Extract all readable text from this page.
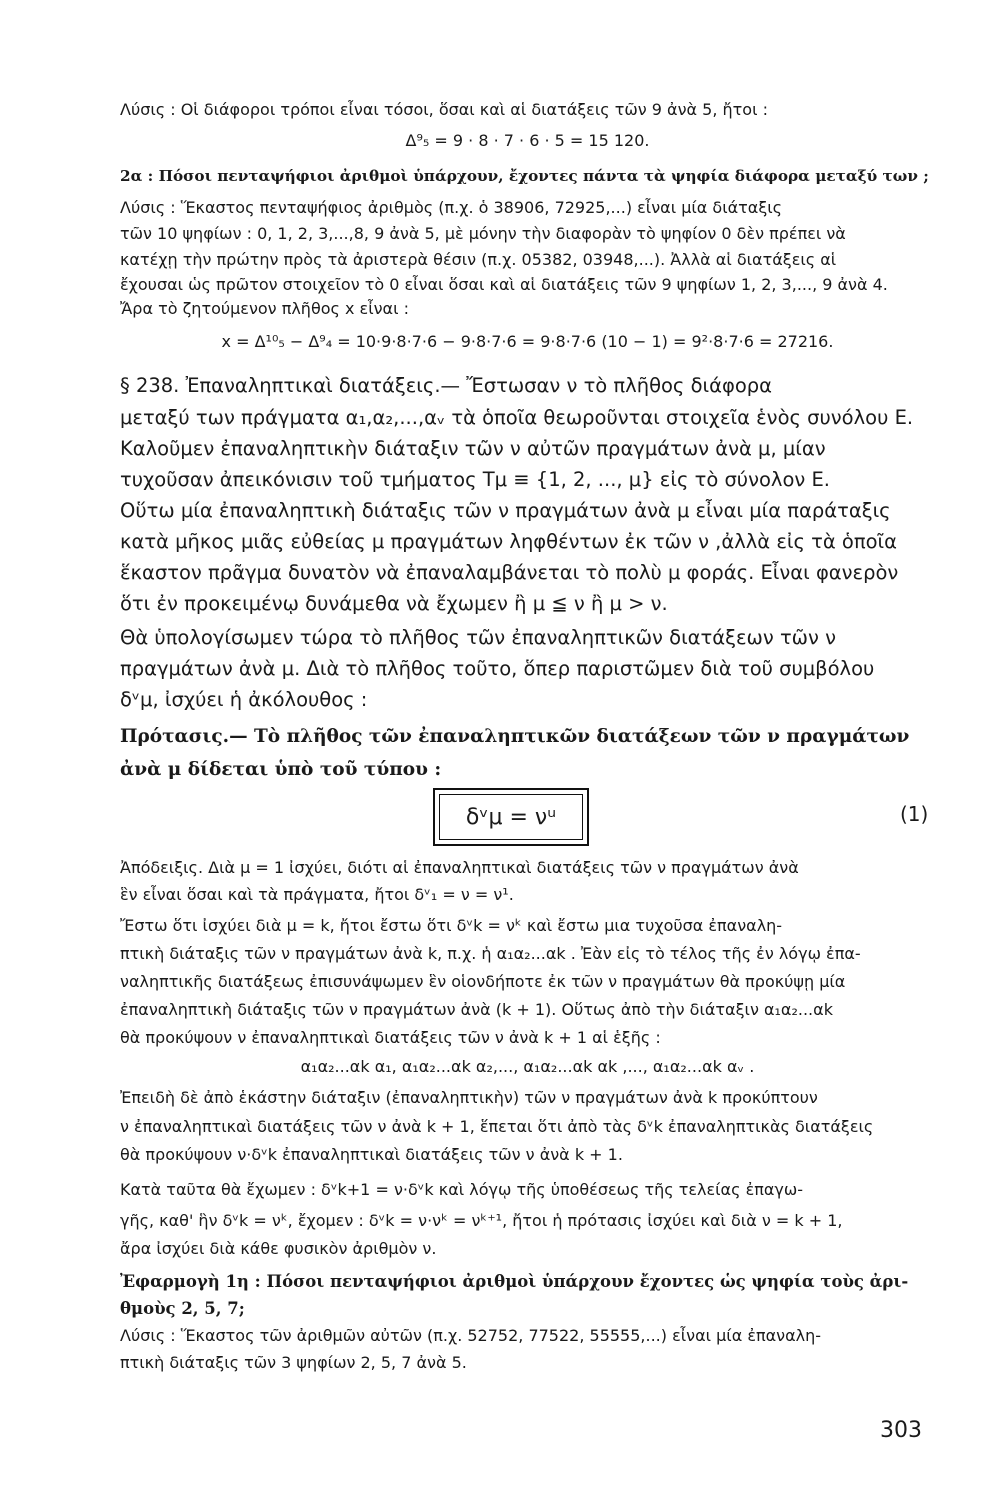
Λύσις : Οἱ διάφοροι τρόποι εἶναι τόσοι, ὅσαι καὶ αἱ διατάξεις τῶν 9 ἀνὰ 5, ἤτοι :
Δ⁹₅ = 9 · 8 · 7 · 6 · 5 = 15 120.
2α : Πόσοι πενταψήφιοι ἀριθμοὶ ὑπάρχουν, ἔχοντες πάντα τὰ ψηφία διάφορα μεταξύ των ;
Λύσις : Ἕκαστος πενταψήφιος ἀριθμὸς (π.χ. ὁ 38906, 72925,...) εἶναι μία διάταξις
τῶν 10 ψηφίων : 0, 1, 2, 3,...,8, 9 ἀνὰ 5, μὲ μόνην τὴν διαφορὰν τὸ ψηφίον 0 δὲν πρέπει νὰ
κατέχῃ τὴν πρώτην πρὸς τὰ ἀριστερὰ θέσιν (π.χ. 05382, 03948,...). Ἀλλὰ αἱ διατάξεις αἱ
ἔχουσαι ὡς πρῶτον στοιχεῖον τὸ 0 εἶναι ὅσαι καὶ αἱ διατάξεις τῶν 9 ψηφίων 1, 2, 3,..., 9 ἀνὰ 4.
Ἄρα τὸ ζητούμενον πλῆθος x εἶναι :
x = Δ¹⁰₅ − Δ⁹₄ = 10·9·8·7·6 − 9·8·7·6 = 9·8·7·6 (10 − 1) = 9²·8·7·6 = 27216.
§ 238. Ἐπαναληπτικαὶ διατάξεις.— Ἔστωσαν ν τὸ πλῆθος διάφορα
μεταξύ των πράγματα α₁,α₂,...,αᵥ τὰ ὁποῖα θεωροῦνται στοιχεῖα ἑνὸς συνόλου Ε.
Καλοῦμεν ἐπαναληπτικὴν διάταξιν τῶν ν αὐτῶν πραγμάτων ἀνὰ μ, μίαν
τυχοῦσαν ἀπεικόνισιν τοῦ τμήματος Tμ ≡ {1, 2, ..., μ} εἰς τὸ σύνολον Ε.
Οὕτω μία ἐπαναληπτικὴ διάταξις τῶν ν πραγμάτων ἀνὰ μ εἶναι μία παράταξις
κατὰ μῆκος μιᾶς εὐθείας μ πραγμάτων ληφθέντων ἐκ τῶν ν ,ἀλλὰ εἰς τὰ ὁποῖα
ἕκαστον πρᾶγμα δυνατὸν νὰ ἐπαναλαμβάνεται τὸ πολὺ μ φοράς. Εἶναι φανερὸν
ὅτι ἐν προκειμένῳ δυνάμεθα νὰ ἔχωμεν ἢ μ ≦ ν ἢ μ > ν.
Θὰ ὑπολογίσωμεν τώρα τὸ πλῆθος τῶν ἐπαναληπτικῶν διατάξεων τῶν ν
πραγμάτων ἀνὰ μ. Διὰ τὸ πλῆθος τοῦτο, ὅπερ παριστῶμεν διὰ τοῦ συμβόλου
δᵛμ, ἰσχύει ἡ ἀκόλουθος :
Πρότασις.— Τὸ πλῆθος τῶν ἐπαναληπτικῶν διατάξεων τῶν ν πραγμάτων
ἀνὰ μ δίδεται ὑπὸ τοῦ τύπου :
δᵛμ = νᵘ	(1)
Ἀπόδειξις. Διὰ μ = 1 ἰσχύει, διότι αἱ ἐπαναληπτικαὶ διατάξεις τῶν ν πραγμάτων ἀνὰ
ἓν εἶναι ὅσαι καὶ τὰ πράγματα, ἤτοι δᵛ₁ = ν = ν¹.
Ἔστω ὅτι ἰσχύει διὰ μ = k, ἤτοι ἔστω ὅτι δᵛk = νᵏ καὶ ἔστω μια τυχοῦσα ἐπαναλη-
πτικὴ διάταξις τῶν ν πραγμάτων ἀνὰ k, π.χ. ἡ α₁α₂...αk . Ἐὰν εἰς τὸ τέλος τῆς ἐν λόγῳ ἐπα-
ναληπτικῆς διατάξεως ἐπισυνάψωμεν ἓν οἱονδήποτε ἐκ τῶν ν πραγμάτων θὰ προκύψῃ μία
ἐπαναληπτικὴ διάταξις τῶν ν πραγμάτων ἀνὰ (k + 1). Οὕτως ἀπὸ τὴν διάταξιν α₁α₂...αk
θὰ προκύψουν ν ἐπαναληπτικαὶ διατάξεις τῶν ν ἀνὰ k + 1 αἱ ἑξῆς :
α₁α₂...αk α₁, α₁α₂...αk α₂,..., α₁α₂...αk αk ,..., α₁α₂...αk αᵥ .
Ἐπειδὴ δὲ ἀπὸ ἑκάστην διάταξιν (ἐπαναληπτικὴν) τῶν ν πραγμάτων ἀνὰ k προκύπτουν
ν ἐπαναληπτικαὶ διατάξεις τῶν ν ἀνὰ k + 1, ἕπεται ὅτι ἀπὸ τὰς δᵛk ἐπαναληπτικὰς διατάξεις
θὰ προκύψουν ν·δᵛk ἐπαναληπτικαὶ διατάξεις τῶν ν ἀνὰ k + 1.
Κατὰ ταῦτα θὰ ἔχωμεν : δᵛk+1 = ν·δᵛk καὶ λόγῳ τῆς ὑποθέσεως τῆς τελείας ἐπαγω-
γῆς, καθ' ἣν δᵛk = νᵏ, ἔχομεν : δᵛk = ν·νᵏ = νᵏ⁺¹, ἤτοι ἡ πρότασις ἰσχύει καὶ διὰ ν = k + 1,
ἄρα ἰσχύει διὰ κάθε φυσικὸν ἀριθμὸν ν.
Ἐφαρμογὴ 1η : Πόσοι πενταψήφιοι ἀριθμοὶ ὑπάρχουν ἔχοντες ὡς ψηφία τοὺς ἀρι-
θμοὺς 2, 5, 7;
Λύσις : Ἕκαστος τῶν ἀριθμῶν αὐτῶν (π.χ. 52752, 77522, 55555,...) εἶναι μία ἐπαναλη-
πτικὴ διάταξις τῶν 3 ψηφίων 2, 5, 7 ἀνὰ 5.
303
